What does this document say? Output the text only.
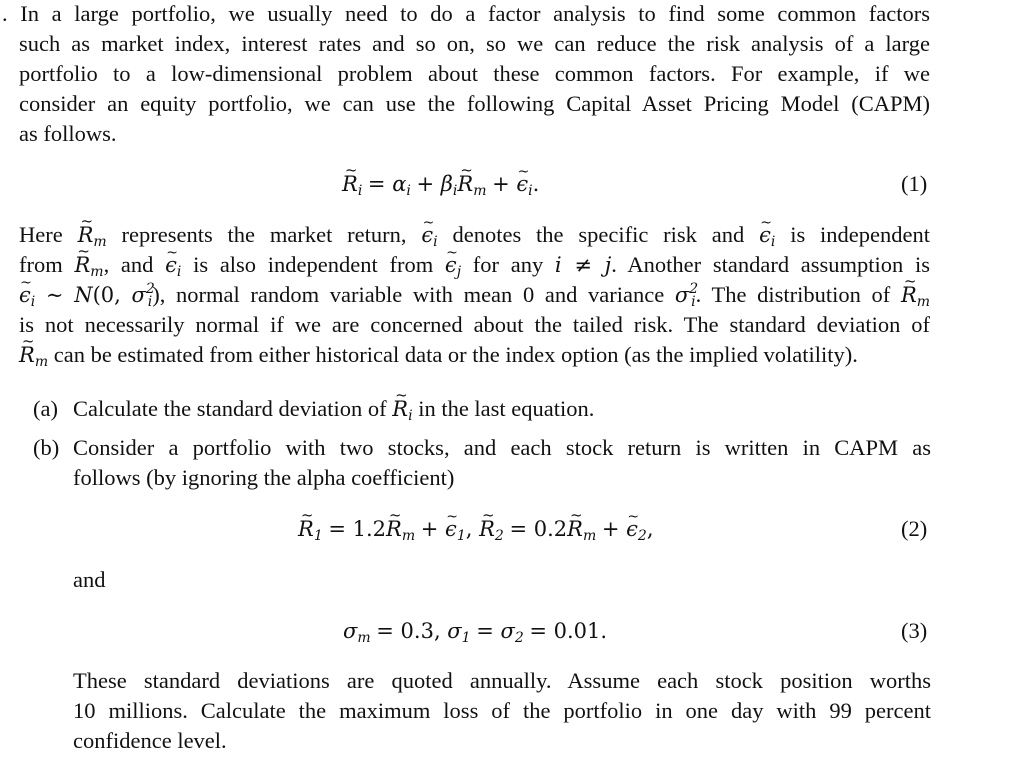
. In a large portfolio, we usually need to do a factor analysis to find some common factors
such as market index, interest rates and so on, so we can reduce the risk analysis of a large
portfolio to a low-dimensional problem about these common factors. For example, if we
consider an equity portfolio, we can use the following Capital Asset Pricing Model (CAPM)
as follows.
~ $R_i = \alpha_i$ + $\beta_i\sim$ $R_m$ + ~ $\epsilon_i$.	(1)
Here ~ $R_m$ represents the market return, ~ $\epsilon_i$ denotes the specific risk and ~ $\epsilon_i$ is independent
from ~ $R_m$, and ~ $\epsilon_i$ is also independent from ~ $\epsilon_j$ for any i ≠ j. Another standard assumption is
~ $\epsilon_i$ ∼ N(0, $\sigma^2_i$), normal random variable with mean 0 and variance $\sigma^2_i$. The distribution of ~ $R_m$
is not necessarily normal if we are concerned about the tailed risk. The standard deviation of
~ $R_m$ can be estimated from either historical data or the index option (as the implied volatility).
(a) Calculate the standard deviation of ~ $R_i$ in the last equation.
(b) Consider a portfolio with two stocks, and each stock return is written in CAPM as
follows (by ignoring the alpha coefficient)
~ $R_1$ = 1.2~ $R_m$ + ~ $\epsilon_1$, ~ $R_2$ = 0.2~ $R_m$ + ~ $\epsilon_2$,	(2)
and
$\sigma_m = 0.3$, $\sigma_1 = \sigma_2 = 0.01$.	(3)
These standard deviations are quoted annually. Assume each stock position worths
10 millions. Calculate the maximum loss of the portfolio in one day with 99 percent
confidence level.
